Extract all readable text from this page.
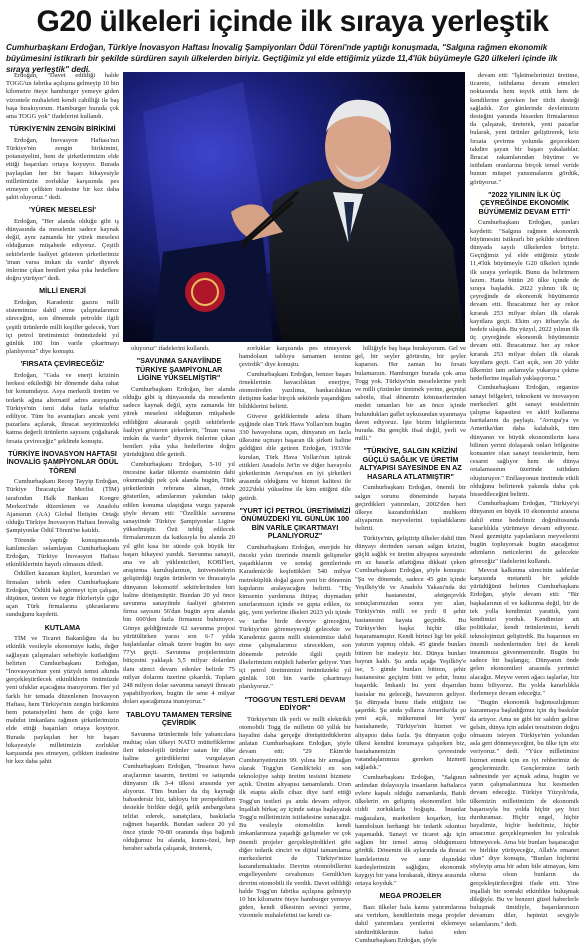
G20 ülkeleri içinde ilk sıraya yerleştik
Cumhurbaşkanı Erdoğan, Türkiye İnovasyon Haftası İnovalig Şampiyonları Ödül Töreni'nde yaptığı konuşmada, "Salgına rağmen ekonomik büyümesini istikrarlı bir şekilde sürdüren sayılı ülkelerden biriyiz. Geçtiğimiz yıl elde ettiğimiz yüzde 11,4'lük büyümeyle G20 ülkeleri içinde ilk sıraya yerleştik" dedi.

Erdoğan, "Davet edildiği halde TOGG'un fabrika açılışına gelmeyip 10 bin kilometre öteye hamburger yemeye giden vizontele muhalefeti kendi cahilliği ile baş başa bırakıyorum. Hamburger burada çok ama TOGG yok" ifadelerini kullandı.

TÜRKİYE'NİN ZENGİN BİRİKİMİ

Erdoğan, İnovasyon Haftası'nın Türkiye'nin zengin birikimini, potansiyelini, hem de şirketlerimizin elde ettiği başarıları ortaya koyuyor. Burada paylaşılan her bir başarı hikayesiyle milletimizin zorluklar karşısında pes etmeyen çelikten iradesine bir kez daha şahit oluyoruz." dedi.

'YÜREK MESELESİ'

Erdoğan, "Her alanda olduğu gibi iş dünyasında da meselenin sadece kaynak değil, aynı zamanda bir yürek meselesi olduğunun müşahede ediyoruz. Çeşitli sektörlerde faaliyet gösteren şirketlerimiz 'iman varsa imkan da vardır' diyerek önlerine çıkan bentleri yıka yıka hedeflere doğru yürüyor" dedi.

MİLLİ ENERJİ

Erdoğan, Karadeniz gazını milli sistemimize dahil etme çalışmalarımız süreceğini, son dönemde petrolde ilgili çeşitli ürünlerde milli keşifler gelecek, Yurt içi petrol üretimimizi önümüzdeki yıl günlük 100 bin varile çıkartmayı planlıyoruz" diye konuştu.

'FIRSATA ÇEVİRECEĞİZ'

Erdoğan, "Gıda ve enerji krizinin herkesi etkilediği bir dönemde daha rahat bir konumdayız. Asya merkezli üretim ve tedarik ağına alternatif adres arayışında Türkiye'nin ismi daha fazla telaffuz ediliyor. Tüm bu avantajları ancak yeni pazarlara açılarak, ihracat seyirimizdeki katma değerli ürünlerin sayısını çoğaltarak fırsata çevireceğiz" şeklinde konuştu.

TÜRKİYE İNOVASYON HAFTASI İNOVALİG ŞAMPİYONLAR ÖDÜL TÖRENİ

Cumhurbaşkanı Recep Tayyip Erdoğan, Türkiye İhracatçılar Meclisi (TİM) tarafından Halk Bankası Kongre Merkezi'nde düzenlenen ve Anadolu Ajansının (AA) Global İletişim Ortağı olduğu Türkiye İnovasyon Haftası İnovalig Şampiyonlar Ödül Töreni'ne katıldı.

Törende yaptığı konuşmasında katılımcıları selamlayan Cumhurbaşkanı Erdoğan, Türkiye İnovasyon Haftası etkinliklerinin hayırlı olmasını diledi.

Ödülleri kazanan kişileri, kurumları ve firmaları tebrik eden Cumhurbaşkanı Erdoğan, "Ödülü hak görmeyi için çalışan, düşünen, üreten ve özgür fikirleriyle çığır açan Türk firmalarına şükranlarımı sunduğunu kaydetti.

KUTLAMA

TİM ve Ticaret Bakanlığını da bu etkinlik vesileyle ekonomiye katkı, değer sağlayan çalışmaları sebebiyle kutladığını belirten Cumhurbaşkanı Erdoğan, "İnovasyon'nun yeni yüzyılı temsi altında gerçekleştirilecek etkinliklerin önümüzde yeni ufuklar açacağına inanıyorum. Her yıl farklı bir temada düzenlenen İnovasyon Haftası, hem Türkiye'nin zengin birikimini hem potansiyelini hem de çoğu kere mahdut imkanlara rağmen şirketlerimizin elde ettiği başarıları ortaya koyuyor. Burada paylaşılan her bir başarı hikayesiyle milletimizin zorluklar karşısında pes etmeyen, çelikten iradesine bir kez daha şahit

oluyoruz" ifadelerini kullandı.

"SAVUNMA SANAYİİNDE TÜRKİYE ŞAMPİYONLAR LİGİNE YÜKSELMİŞTİR"

Cumhurbaşkanı Erdoğan, her alanda olduğu gibi iş dünyasında da meselenin sadece kaynak değil, aynı zamanda bir yürek meselesi olduğunun müşahede edildiğini aktararak çeşitli sektörlerde faaliyet gösteren şirketlerin, "İman varsa imkân da vardır" diyerek önlerine çıkan bentleri yıka yıka hedeflerine doğru yürüdüğünü dile getirdi.

Cumhurbaşkanı Erdoğan, 5-10 yıl öncesine kadar ülkemiz esamisinin dahi okunmadığı pek çok alanda bugün, Türk şirketlerinin referans alınan, örnek gösterilen, adımlarının yakından takip edilen konuma ulaştığına vurgu yaparak şöyle devam etti: "Özellikle savunma sanayiinde Türkiye Şampiyonlar Ligine yükselmiştir. Özü tebliğ edilecek firmalarımızın da katkısıyla bu alanda 20 yıl gibi kısa bir sürede çok büyük bir başarı hikayesi yazdık. Savunma sanayii, ana ve alt yüklenicileri, KOBİ'leri, araştırma kuruluşlarının, üniversitelerin geliştirdiği özgün ürünlerin ve ihracatıyla dünyanın lokomotif sektörlerinden biri haline dönüşmüştür. Bundan 20 yıl önce savunma sanayiinde faaliyet gösteren firma sayısını 56'dan bugün aynı alanda bin 600'den fazla firmamız bulunuyor. Gönye geldiğimizde 62 savunma projesi yürütülürken yarısı son 6-7 yılda başlatılanlar olmak üzere bugün bu sayı 77'yi geçti. Savunma projelerimizin bütçesini yaklaşık 5,5 milyar dolardan ilanı süreci devam edenler belirde 75 milyar dolarını üzerine çıkardık. Toplam 248 milyon dolar savunma sanayii ihracatı yapabiliyorken, bugün ile sene 4 milyar doları aşacağımıza inanıyoruz."

TABLOYU TAMAMEN TERSİNE ÇEVİRDİK

Savunma ürünlerinde bile yabancılara muhtaç olan ülkeyi NATO müttefiklerine ileri teknolojili ürünler satan bir ülke haline getirdiklerini vurgulayan Cumhurbaşkanı Erdoğan, "İnsansız hava araçlarının tasarım, üretimi ve satışında dünyanın ilk 3-4 ülkesi arasında yer alıyoruz. Tüm bunları da dış kaynağı bahsedersiz biz, tabloyu bir perspektiften destekle birlikte değil, gelik ambargolara telifat ederek, sanatçılara, baskılarla rağmen başardık. Bundan sadece 20 yıl önce yüzde 70-80 oranında dışa bağımlı olduğumuz bu alanda, kumu-özel, hep beraber sabırla çalışarak, üreterek,

zorluklar karşısında pes etmeyerek hamdolsun tabloyu tamamen tersine çevirdik" diye konuştu.

Cumhurbaşkanı Erdoğan, benzer başarı örneklerinin havacılıktan enerjiye, otomotivden yazılıma, bankacılıktan iletişime kadar birçok sektörde yaşandığını bildiklerini belirtti.

Güveve geldiklerinde adeta ilham eşiğinde olan Türk Hava Yolları'nın bugün 330 havayoluna uçan, dünyanın en fazla ülkesine uçmayı başaran ilk şirketi haline geldiğini dile getiren Erdoğan, 1933'de kurulan, Türk Hava Yolları'nın iştirak ettikleri Anadolu Jet'in ve diğer havayolu şirketlerinin Avrupa'nın en iyi şirketleri arasında olduğunu ve hizmet kalitesi ile 2022'deki yükselme ile kim ettiğini dile getirdi.

"YURT İÇİ PETROL ÜRETİMİMİZİ ÖNÜMÜZDEKİ YIL GÜNLÜK 100 BİN VARİLE ÇIKARTMAYI PLANLIYORUZ"

Cumhurbaşkanı Erdoğan, enerjide bir önceki yılın üzerinde önemli gelişmeler yaşadıklarını ve sondaj gemilerinde Karadeniz'de keşfettikleri 540 milyar metreküplük doğal gazın yeni bir dönemin kapılarını aralayacağını belirtti. "Hiç kimsenin yardımına ihtiyaç duymadan sınırlarımızın içinde ve gıpta edilen, öz güç, yeni yerlerine ilkeleri 2023 yılı içinde ve tarihe birde devreye gireceğini, Türkiye'nin göremeyeceği gelecekte ve Karadeniz gazını milli sistemimize dahil etme çalışmalarımız sürecekken, son dönemde petrolde ilgili çeşitli ilkelerimizin müjdeli haberler geliyor. Yurt içi petrol üretimimizi önümüzdeki yıl günlük 100 bin varile çıkartmayı planlıyoruz."

"TOGG'UN TESTLERİ DEVAM EDİYOR"

Türkiye'nin ilk yerli ve milli elektrikli otomobili Togg ile milletin 60 yıllık bir hayalini daha gerçeğe dönüştürdüklerini anlatan Cumhurbaşkanı Erdoğan, şöyle devam etti: "29 Ekim'de Cumhuriyetimizin 99. yılına bir armağan olarak Togg'un Gemlik'teki en son teknolojiye sahip üretim tesisini hizmete açtık. Üretim altyapısı tamamlandı. Urun ilk etapta akıllı cihaz diye tarif ettiği Togg'un testleri şu anda devam ediyor. İnşallah birkaç ay içinde satışa başlayarak Togg'u milletimizin istifadesine sunacağız. Bu vesileyle otomobilin kendi imkanlarımıza yaşadığı gelişmeler ve çok önemli projeler gerçekleştirdikleri gibi diğer tedarik zinciri ve dijital tamamlama merkezlerini de Türkiye'mize kazandırmaktadır. Devrim otomobillerini engelleyenlere cevabımızı Gemlik'ten devrim otomobili ile verdik. Davet edildiği halde Togg'un fabrika açılışına gelmeyip 10 bin kilometre öteye hamburger yemeye giden, kendi ülkesinin sevinci yerine, vizontele muhalefetini ise kendi ca-

hilliğiyle baş başa bırakıyorum. Gel ve gel, bir seyler görürsün, bir şeyler kaparsın. Her zaman bu fırsatı bulamazsın. Hamburger burada çok ama Togg yok. Türkiye'nin meselelerine yerli ve milli çözümler üretmek yerine, geçmişi sabotlu, ifsal dönemin kömiserlerinden medet umanları bir an önce içinde bulundukları gaflet uykusundan uyanmaya davet ediyoruz. İşte bizim bilgilerimiz burada. Bu gençlik ifsal değil, yerli ve milli."

"TÜRKİYE, SALGIN KRİZİNİ GÜÇLÜ SAĞLIK VE ÜRETİM ALTYAPISI SAYESİNDE EN AZ HASARLA ATLATMIŞTIR"

Cumhurbaşkanı Erdoğan, önemli bir salgın sorunu döneminde hayata geçirdikleri yatırımları, 2002'den beri ülkeye kazandırdıkları muhkem altyapımın meyvelerini topladıklarını belirtti.

Türkiye'nin, geliştirip ülkeler dahil tüm dünyayı derinden sarsan salgın krizini, güçlü sağlık ve üretim altyapısı sayesinde en az hasarla atlattığına dikkati çeken Cumhurbaşkanı Erdoğan, şöyle konuştu: "Şu ve dönemde, sadece 45 gün içinde Yeşilköy'de ve Anadolu Yakası'nda iki şehir hastanesini, afetgeçevlık sonuçlarımızdan sonra yer alan, Türkiye'nin milli ve yerli 8 şehir hastanesini hayata geçirdik. Bu Türkiye'den başka hiçbir ülke başaramamıştır. Kendi birinci ligi bir şekil yatırım yapmış olduk. 45 günde bunları bitiren bir iradeyiz biz. Dünya bunları hayran kaldı. Şu anda uçağa Yeşilköy'e ise, 5 günde bunları bitiren, şehir hastanesine geçişim bitti ve şehir, bunu başardık. İmkanlı bu yeni dışarıdan hastalar mı geleceği, havuzeron geliyor. Şu dünyada bunu ifade ettiğiniz ise şaşırdık. Şu anda yıllarca Amerika'da şu yeni açık, mükemmel bir 'yeni' hastahanede, Türkiye'nin hizmet ve altyapısı daha fazla. Şu dünyanın çoğu ülkesi kendini korumaya çalışırken biz, hastahanemizin çevresinde vatandaşlarımıza gereken hizmeti sağladık."

Cumhurbaşkanı Erdoğan, "Salgının ardından dolayısıyla insanların haftalarca evlere kapalı olduğu zamanlarda, Batılı ülkelerin en gelişmiş ekonomileri bile ciddi zorluklarla boğuştu. İnsanlar mağazalara, marketlere koşarken, biz hamdolsun herhangi bir tedarik sıkıntısı yaşamadık. Sanayi ve ticaret ağı için sağlam bir temel atmış olduğumuzu gördük. Dönemin ilk aylarında da ihracat hamlelerimiz ve sınır dışındaki kardeşlerimizin sağlığını, ekonomik kaygıyı bir yana bırakarak, dünya arasında ortaya koyduk."

MEGA PROJELER

Bazı ülkeler hala kamu yatırımlarına ara verirken, kendilerinin mega projeler dahil yatırımlara yenilerini eklemeye sürdürdüklerinin bahsi eden Cumhurbaşkanı Erdoğan, şöyle

devam etti: "İşletmelerimizi üretime, ticarete, istihdama devam etmeleri noktasında hem teşvik ettik hem de kendilerine gereken her türlü desteği sağladık. Zor günlerinde devletinizin desteğini yanında hisseden firmalarımız da çalışarak, üreterek, yeni pazarlar bularak, yeni ürünler geliştirerek, kriz fırsata çevirme yolunda geçecekten takdire şayan bir başarı yakaladılar. İhracat rakamlarından büyüme ve istihdam oranlarına birçok temel veride bunun müspet yansımalarını gördük, görüyoruz."

"2022 YILININ İLK ÜÇ ÇEYREĞİNDE EKONOMİK BÜYÜMEMİZ DEVAM ETTİ"

Cumhurbaşkanı Erdoğan, şunları kaydetti: "Salgına rağmen ekonomik büyümesini istikrarlı bir şekilde sürdüren dünyada sayılı ülkelerden biriyiz. Geçtiğimiz yıl elde ettiğimiz yüzde 11,4'lük büyümeyle G20 ülkeleri içinde ilk sıraya yerleştik. Bunu da belirtmem lazım. Hatta bütün 20 ülke içinde de sıraya başladık. 2022 yılının ilk üç çeyreğinde de ekonomik büyümemiz devam etti. İhracatımız her ay rekor kırarak 253 milyar doları ilk olarak kayıtlara geçti. Ekim ayı itibarıyla da hedefe ulaştık. Bu yüzyıl, 2022 yılının ilk üç çeyreğinde ekonomik büyümemiz devam etti. İhracatımız her ay rekor kırarak 253 milyar doları ilk olarak kayıtlara geçti. Cari açık, son 20 yıldır ülkemizi tam anlamıyla yukarıya çekme hedeflerine inşallah yaklaşıyoruz."

Cumhurbaşkanı Erdoğan, organize sanayi bölgeleri, teknokent ve inovasyon merkezleri gibi sanayi tesislerinin çalışma kapasitesi ve aktif kullanma haritalarını da paylaştı. "Avrupa'ya ve Amerika'dan daha kalabalık, tüm dünyanın ve büyük ekonomilerin kara bilinen yerini dolaşarak onları bölgesine konsantre olan sanayi tesislerimiz, hem cesaret sağlıyor hem de dünya ortalamasının üzerinde istihdam oluşturuyor." Enflasyonun üretimde etkili olduğunu belirterek yakında daha çok hissedileceğini belirtti.

Cumhurbaşkanı Erdoğan, "Türkiye'yi dünyanın en büyük 10 ekonomisi arasına dahil etme hedefimiz doğrultusunda kararlılıkla yürümeye devam ediyoruz. Nasıl gezmiştiz yapılanların meyvelerini bugün topluyorsak bugün atacağımız adımların neticelerini de gelecekte göreceğiz" ifadelerini kullandı.

Mevcut kalkınma sürecinin saldırılar karşısında metanetli bir şekilde yürüdüğünü belirten Cumhurbaşkanı Erdoğan, şöyle devam etti: "Bir başkalarının el ve kalkınma değil, bir de tek yolla kendimizi yarattık, yani kendimizi yorduk. Kendimize ait politikalar, kendi ürünlerimizi, kendi teknolojimizi geliştirdik. Bu başarının en önemli nedenlerinden biri de kendi insanımıza güvenmemizdir. Bugün bu sadece bir başlangıç. Dünyanın önde gelen ekonomileri arasında yerimizi alacağız. Meyve veren ağacı taşlarlar, biz bunu biliyoruz. Bu yolda kararlılıkla ilerlemeye devam edeceğiz."

"Bugün ekonomik bağımsızlığımızı kazanmaya başladığımız için dış baskılar da artıyor. Ama ne gibi bir saldırı gelirse gelsin, dünya için adalet terazisinin doğru olmasını isteyen Türkiye'nin yolundan asla geri dönmeyeceğini, bu ülke için söz veriyoruz." dedi. "Yüce milletimize hizmet etmek için en iyi rehberimiz de gençlerimizdir. Gençlerimize tarih sahnesinde yer açmak adına, bugün ve yarın çalışmalarımıza hız kesmeden devam edeceğiz. Türkiye Yüzyılı'nda, ülkemizin milletimizin de ekonomik başarısıyla bu yolda hiçbir şey bizi durduramaz. Hiçbir engel, hiçbir hayalimiz, hiçbir hedefimiz, hiçbir amacımız gerçekleşmeden bu yolculuk bitmeyecek. Ama biz bunları başaracağız ve birlikte yürüyeceğiz, Allah'a emanet olun" diye konuştu, "Bunları hiçbirini söyleyip ama bir adım bile atmayan, kim olursa olsun bunların da gerçekleştirileceğini ifade etti. Yine inşallah bir sonraki etkinlikte buluşmak dileğiyle. Bu ve benzeri güzel haberlerle buluşmak ümidiyle, başarılarınızın devamını diler, hepinizi sevgiyle selamlarım." dedi.
